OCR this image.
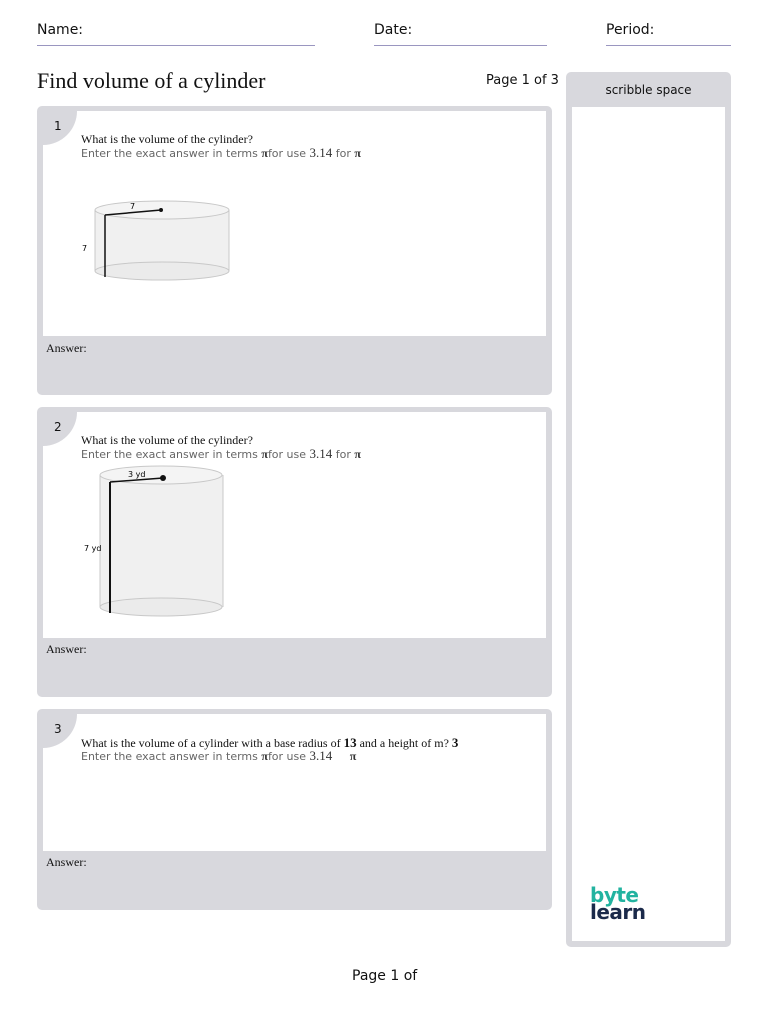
Name:	Date:	Period:
Find volume of a cylinder	Page 1 of 3
1
What is the volume of the cylinder?
Enter the exact answer in terms πfor use 3.14 for π
7
7
Answer:
2
What is the volume of the cylinder?
Enter the exact answer in terms πfor use 3.14 for π
3 yd
7 yd
Answer:
3
What is the volume of a cylinder with a base radius of 13 and a height of m? 3
Enter the exact answer in terms πfor use 3.14 π
Answer:
scribble space
byte
learn
Page 1 of
